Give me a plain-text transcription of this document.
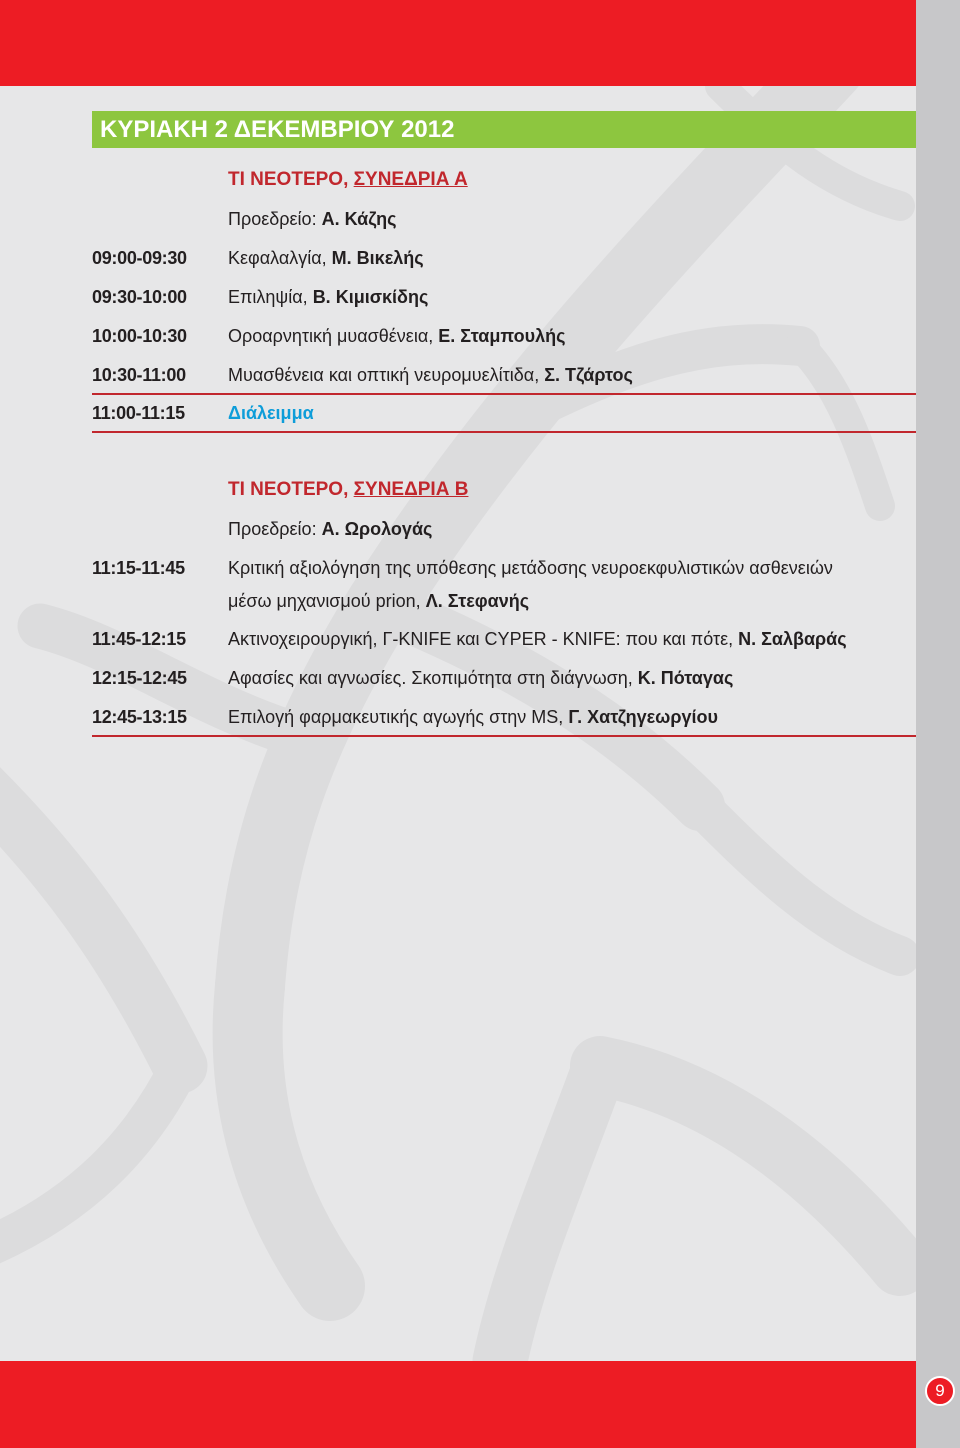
ΚΥΡΙΑΚΗ 2 ΔΕΚΕΜΒΡΙΟΥ 2012
ΤΙ ΝΕΟΤΕΡΟ, ΣΥΝΕΔΡΙΑ Α
Προεδρείο: Α. Κάζης
09:00-09:30 Κεφαλαλγία, Μ. Βικελής
09:30-10:00 Επιληψία, Β. Κιμισκίδης
10:00-10:30 Οροαρνητική μυασθένεια, Ε. Σταμπουλής
10:30-11:00 Μυασθένεια και οπτική νευρομυελίτιδα, Σ. Τζάρτος
11:00-11:15 Διάλειμμα
ΤΙ ΝΕΟΤΕΡΟ, ΣΥΝΕΔΡΙΑ Β
Προεδρείο: Α. Ωρολογάς
11:15-11:45 Κριτική αξιολόγηση της υπόθεσης μετάδοσης νευροεκφυλιστικών ασθενειών
μέσω μηχανισμού prion, Λ. Στεφανής
11:45-12:15 Ακτινοχειρουργική, Γ-KNIFE και CYPER - KNIFE: που και πότε, Ν. Σαλβαράς
12:15-12:45 Αφασίες και αγνωσίες. Σκοπιμότητα στη διάγνωση, Κ. Πόταγας
12:45-13:15 Επιλογή φαρμακευτικής αγωγής στην MS, Γ. Χατζηγεωργίου
9
